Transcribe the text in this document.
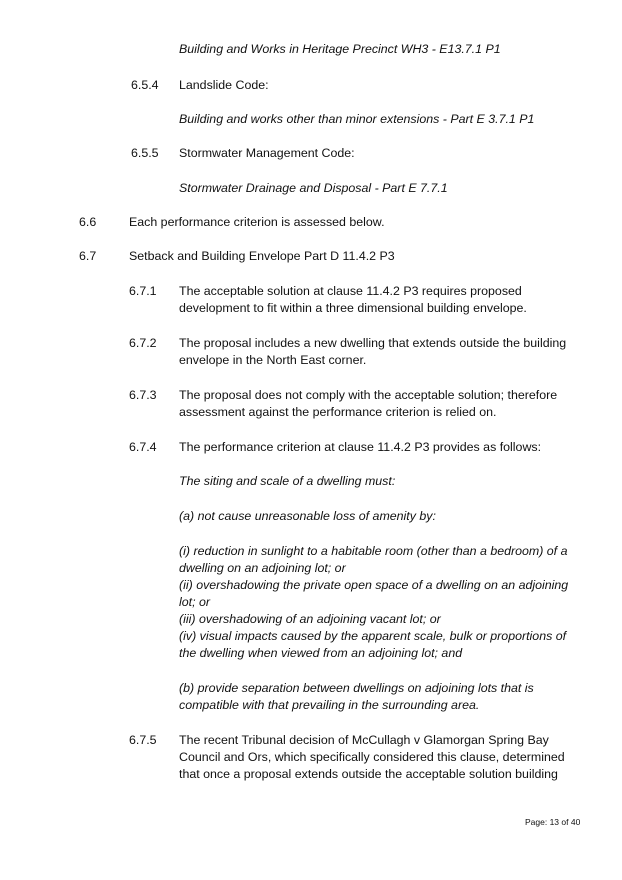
Building and Works in Heritage Precinct WH3 - E13.7.1 P1

6.5.4 Landslide Code:

Building and works other than minor extensions - Part E 3.7.1 P1

6.5.5 Stormwater Management Code:

Stormwater Drainage and Disposal - Part E 7.7.1

6.6	Each performance criterion is assessed below.
6.7	Setback and Building Envelope Part D 11.4.2 P3
6.7.1 The acceptable solution at clause 11.4.2 P3 requires proposed
development to fit within a three dimensional building envelope.
6.7.2 The proposal includes a new dwelling that extends outside the building
envelope in the North East corner.
6.7.3 The proposal does not comply with the acceptable solution; therefore
assessment against the performance criterion is relied on.
6.7.4 The performance criterion at clause 11.4.2 P3 provides as follows:
The siting and scale of a dwelling must:
(a) not cause unreasonable loss of amenity by:
(i) reduction in sunlight to a habitable room (other than a bedroom) of a
dwelling on an adjoining lot; or
(ii) overshadowing the private open space of a dwelling on an adjoining
lot; or
(iii) overshadowing of an adjoining vacant lot; or
(iv) visual impacts caused by the apparent scale, bulk or proportions of
the dwelling when viewed from an adjoining lot; and
(b) provide separation between dwellings on adjoining lots that is
compatible with that prevailing in the surrounding area.
6.7.5 The recent Tribunal decision of McCullagh v Glamorgan Spring Bay
Council and Ors, which specifically considered this clause, determined
that once a proposal extends outside the acceptable solution building
Page: 13 of 40
